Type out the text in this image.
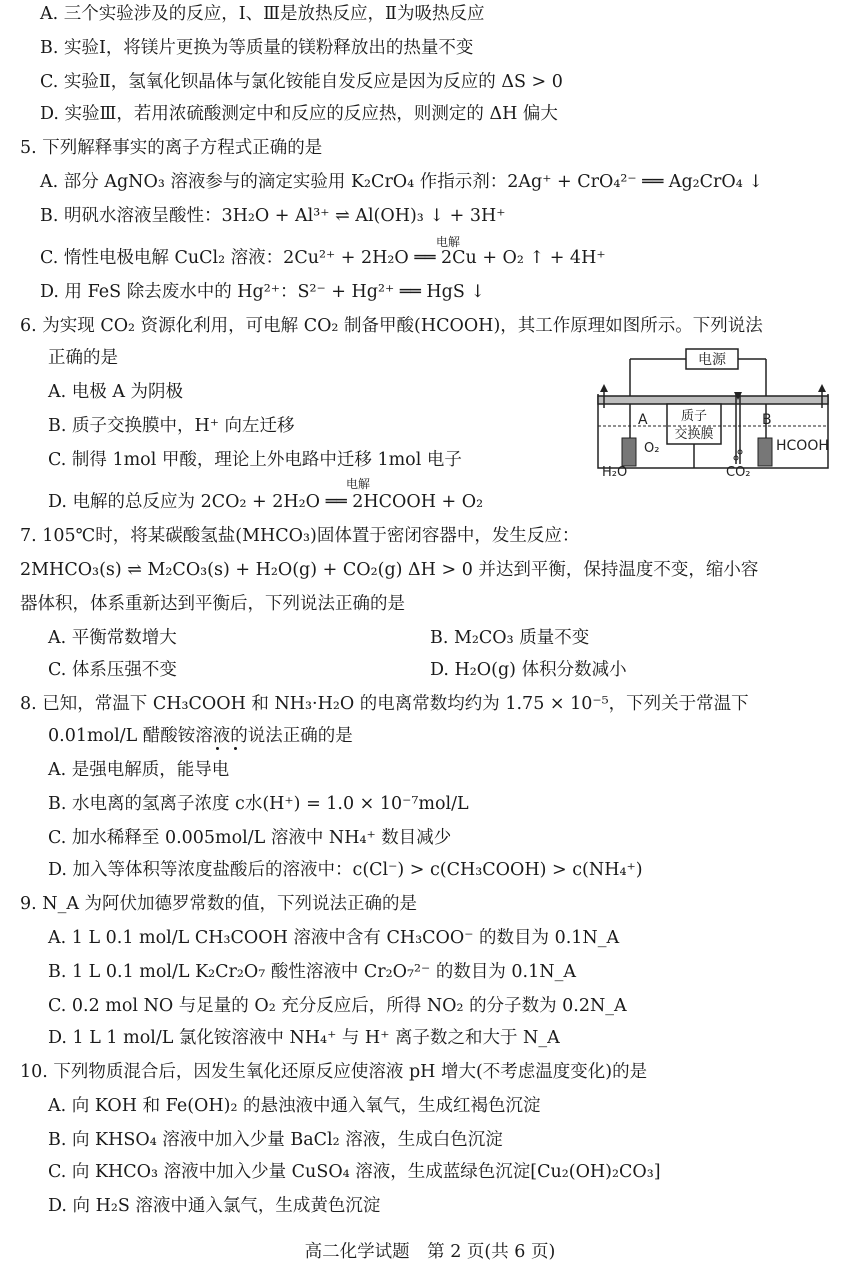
A. 三个实验涉及的反应，Ⅰ、Ⅲ是放热反应，Ⅱ为吸热反应
B. 实验Ⅰ，将镁片更换为等质量的镁粉释放出的热量不变
C. 实验Ⅱ，氢氧化钡晶体与氯化铵能自发反应是因为反应的 ΔS > 0
D. 实验Ⅲ，若用浓硫酸测定中和反应的反应热，则测定的 ΔH 偏大
5. 下列解释事实的离子方程式正确的是
A. 部分 AgNO₃ 溶液参与的滴定实验用 K₂CrO₄ 作指示剂：2Ag⁺ + CrO₄²⁻ ══ Ag₂CrO₄ ↓
B. 明矾水溶液呈酸性：3H₂O + Al³⁺ ⇌ Al(OH)₃ ↓ + 3H⁺
电解
C. 惰性电极电解 CuCl₂ 溶液：2Cu²⁺ + 2H₂O ══ 2Cu + O₂ ↑ + 4H⁺
D. 用 FeS 除去废水中的 Hg²⁺：S²⁻ + Hg²⁺ ══ HgS ↓
6. 为实现 CO₂ 资源化利用，可电解 CO₂ 制备甲酸(HCOOH)，其工作原理如图所示。下列说法
正确的是
A. 电极 A 为阴极
B. 质子交换膜中，H⁺ 向左迁移
C. 制得 1mol 甲酸，理论上外电路中迁移 1mol 电子
电解
D. 电解的总反应为 2CO₂ + 2H₂O ══ 2HCOOH + O₂
电源
质子
交换膜
A	B
O₂
H₂O	CO₂
HCOOH
7. 105℃时，将某碳酸氢盐(MHCO₃)固体置于密闭容器中，发生反应：
2MHCO₃(s) ⇌ M₂CO₃(s) + H₂O(g) + CO₂(g) ΔH > 0 并达到平衡，保持温度不变，缩小容
器体积，体系重新达到平衡后，下列说法正确的是
A. 平衡常数增大	B. M₂CO₃ 质量不变
C. 体系压强不变	D. H₂O(g) 体积分数减小
8. 已知，常温下 CH₃COOH 和 NH₃·H₂O 的电离常数均约为 1.75 × 10⁻⁵，下列关于常温下
0.01mol/L 醋酸铵溶液的说法正确的是
A. 是强电解质，能导电
B. 水电离的氢离子浓度 c水(H⁺) = 1.0 × 10⁻⁷mol/L
C. 加水稀释至 0.005mol/L 溶液中 NH₄⁺ 数目减少
D. 加入等体积等浓度盐酸后的溶液中：c(Cl⁻) > c(CH₃COOH) > c(NH₄⁺)
9. N_A 为阿伏加德罗常数的值，下列说法正确的是
A. 1 L 0.1 mol/L CH₃COOH 溶液中含有 CH₃COO⁻ 的数目为 0.1N_A
B. 1 L 0.1 mol/L K₂Cr₂O₇ 酸性溶液中 Cr₂O₇²⁻ 的数目为 0.1N_A
C. 0.2 mol NO 与足量的 O₂ 充分反应后，所得 NO₂ 的分子数为 0.2N_A
D. 1 L 1 mol/L 氯化铵溶液中 NH₄⁺ 与 H⁺ 离子数之和大于 N_A
10. 下列物质混合后，因发生氧化还原反应使溶液 pH 增大(不考虑温度变化)的是
A. 向 KOH 和 Fe(OH)₂ 的悬浊液中通入氧气，生成红褐色沉淀
B. 向 KHSO₄ 溶液中加入少量 BaCl₂ 溶液，生成白色沉淀
C. 向 KHCO₃ 溶液中加入少量 CuSO₄ 溶液，生成蓝绿色沉淀[Cu₂(OH)₂CO₃]
D. 向 H₂S 溶液中通入氯气，生成黄色沉淀
高二化学试题　第 2 页(共 6 页)
